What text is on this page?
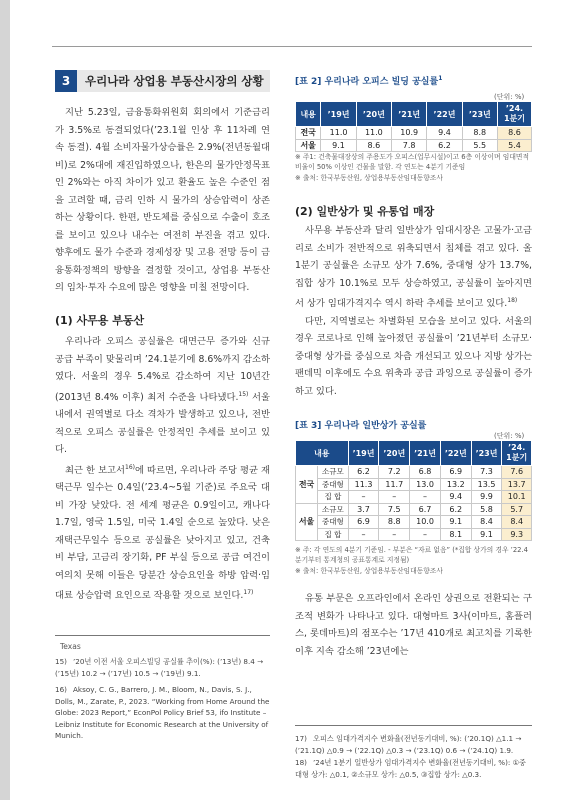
3	우리나라 상업용 부동산시장의 상황

지난 5.23일, 금융통화위원회 회의에서 기준금리가 3.5%로 동결되었다(’23.1월 인상 후 11차례 연속 동결). 4월 소비자물가상승률은 2.9%(전년동월대비)로 2%대에 재진입하였으나, 한은의 물가안정목표인 2%와는 아직 차이가 있고 환율도 높은 수준인 점을 고려할 때, 금리 인하 시 물가의 상승압력이 상존하는 상황이다. 한편, 반도체를 중심으로 수출이 호조를 보이고 있으나 내수는 여전히 부진을 겪고 있다. 향후에도 물가 수준과 경제성장 및 고용 전망 등이 금융통화정책의 방향을 결정할 것이고, 상업용 부동산의 임차·투자 수요에 많은 영향을 미칠 전망이다.

(1) 사무용 부동산

우리나라 오피스 공실률은 대면근무 증가와 신규 공급 부족이 맞물리며 ’24.1분기에 8.6%까지 감소하였다. 서울의 경우 5.4%로 감소하여 지난 10년간(2013년 8.4% 이후) 최저 수준을 나타냈다.$^{15)}$ 서울 내에서 권역별로 다소 격차가 발생하고 있으나, 전반적으로 오피스 공실률은 안정적인 추세를 보이고 있다.

최근 한 보고서$^{16)}$에 따르면, 우리나라 주당 평균 재택근무 일수는 0.4일(’23.4~5월 기준)로 주요국 대비 가장 낮았다. 전 세계 평균은 0.9일이고, 캐나다 1.7일, 영국 1.5일, 미국 1.4일 순으로 높았다. 낮은 재택근무일수 등으로 공실률은 낮아지고 있고, 건축비 부담, 고금리 장기화, PF 부실 등으로 공급 여건이 여의치 못해 이들은 당분간 상승요인을 하방 압력·임대료 상승압력 요인으로 작용할 것으로 보인다.$^{17)}$

Texas
15) ’20년 이전 서울 오피스빌딩 공실률 추이(%): (’13년) 8.4 → (’15년) 10.2 → (’17년) 10.5 → (’19년) 9.1.
16) Aksoy, C. G., Barrero, J. M., Bloom, N., Davis, S. J., Dolls, M., Zarate, P., 2023. “Working from Home Around the Globe: 2023 Report,” EconPol Policy Brief 53, ifo Institute – Leibniz Institute for Economic Research at the University of Munich.
[표 2] 우리나라 오피스 빌딩 공실률$^1$
(단위: %)
내용	’19년	’20년	’21년	’22년	’23년	’24.
1분기
전국	11.0	11.0	10.9	9.4	8.8	8.6
서울	9.1	8.6	7.8	6.2	5.5	5.4
※ 주1: 건축물대장상의 주용도가 오피스(업무시설)이고 6층 이상이며 임대면적비율이 50% 이상인 건물을 말함. 각 연도는 4분기 기준임
※ 출처: 한국부동산원, 상업용부동산임대동향조사
(2) 일반상가 및 유통업 매장

사무용 부동산과 달리 일반상가 임대시장은 고물가·고금리로 소비가 전반적으로 위축되면서 침체를 겪고 있다. 올 1분기 공실률은 소규모 상가 7.6%, 중대형 상가 13.7%, 집합 상가 10.1%로 모두 상승하였고, 공실률이 높아지면서 상가 임대가격지수 역시 하락 추세를 보이고 있다.$^{18)}$

다만, 지역별로는 차별화된 모습을 보이고 있다. 서울의 경우 코로나로 인해 높아졌던 공실률이 ’21년부터 소규모·중대형 상가를 중심으로 차츰 개선되고 있으나 지방 상가는 팬데믹 이후에도 수요 위축과 공급 과잉으로 공실률이 증가하고 있다.

[표 3] 우리나라 일반상가 공실률
(단위: %)
내용		’19년	’20년	’21년	’22년	’23년	’24.
1분기
전국	소규모	6.2	7.2	6.8	6.9	7.3	7.6
	중대형	11.3	11.7	13.0	13.2	13.5	13.7
	집 합	–	–	–	9.4	9.9	10.1
서울	소규모	3.7	7.5	6.7	6.2	5.8	5.7
	중대형	6.9	8.8	10.0	9.1	8.4	8.4
	집 합	–	–	–	8.1	9.1	9.3
※ 주: 각 연도의 4분기 기준임. - 부분은 “자료 없음” (*집합 상가의 경우 ’22.4분기부터 통계청의 공표통계로 지정됨)
※ 출처: 한국부동산원, 상업용부동산임대동향조사

유통 부문은 오프라인에서 온라인 상권으로 전환되는 구조적 변화가 나타나고 있다. 대형마트 3사(이마트, 홈플러스, 롯데마트)의 점포수는 ’17년 410개로 최고치를 기록한 이후 지속 감소해 ’23년에는

17) 오피스 임대가격지수 변화율(전년동기대비, %): (’20.1Q) △1.1 → (’21.1Q) △0.9 → (’22.1Q) △0.3 → (’23.1Q) 0.6 → (’24.1Q) 1.9.
18) ’24년 1분기 일반상가 임대가격지수 변화율(전년동기대비, %): ①중대형 상가: △0.1, ②소규모 상가: △0.5, ③집합 상가: △0.3.
